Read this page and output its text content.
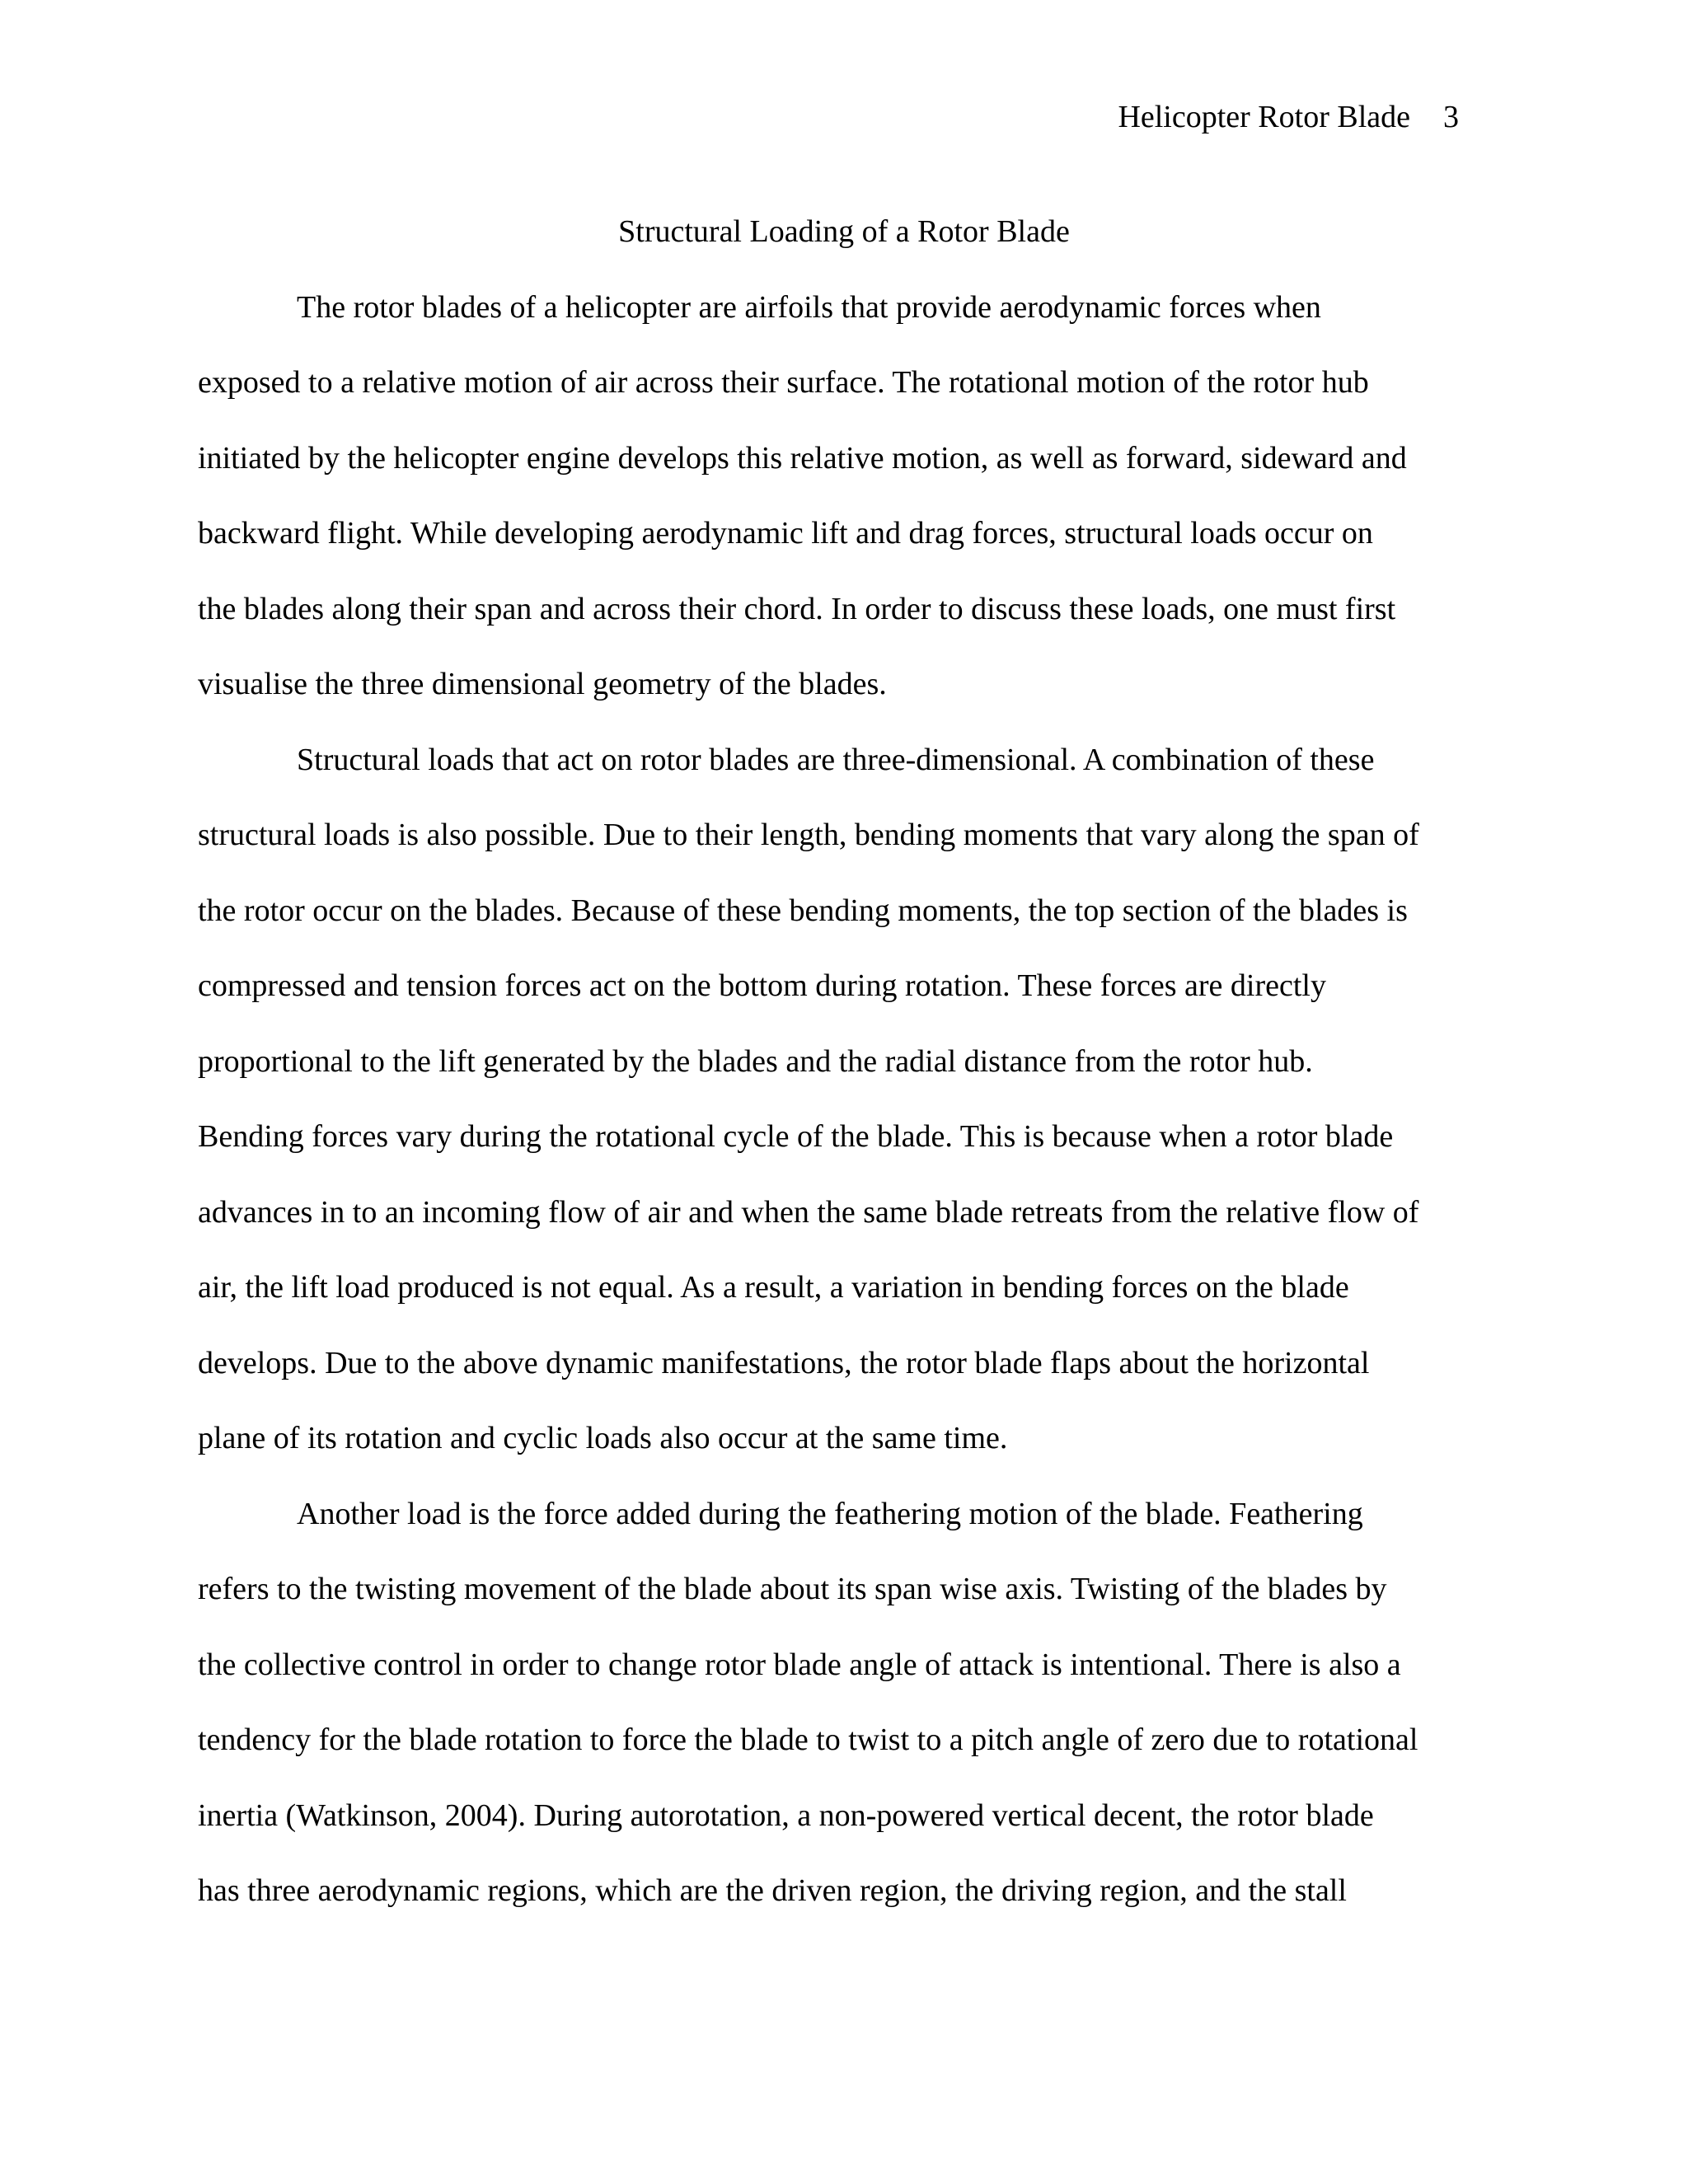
Helicopter Rotor Blade 3
Structural Loading of a Rotor Blade
The rotor blades of a helicopter are airfoils that provide aerodynamic forces when
exposed to a relative motion of air across their surface. The rotational motion of the rotor hub
initiated by the helicopter engine develops this relative motion, as well as forward, sideward and
backward flight. While developing aerodynamic lift and drag forces, structural loads occur on
the blades along their span and across their chord. In order to discuss these loads, one must first
visualise the three dimensional geometry of the blades.
Structural loads that act on rotor blades are three-dimensional. A combination of these
structural loads is also possible. Due to their length, bending moments that vary along the span of
the rotor occur on the blades. Because of these bending moments, the top section of the blades is
compressed and tension forces act on the bottom during rotation. These forces are directly
proportional to the lift generated by the blades and the radial distance from the rotor hub.
Bending forces vary during the rotational cycle of the blade. This is because when a rotor blade
advances in to an incoming flow of air and when the same blade retreats from the relative flow of
air, the lift load produced is not equal. As a result, a variation in bending forces on the blade
develops. Due to the above dynamic manifestations, the rotor blade flaps about the horizontal
plane of its rotation and cyclic loads also occur at the same time.
Another load is the force added during the feathering motion of the blade. Feathering
refers to the twisting movement of the blade about its span wise axis. Twisting of the blades by
the collective control in order to change rotor blade angle of attack is intentional. There is also a
tendency for the blade rotation to force the blade to twist to a pitch angle of zero due to rotational
inertia (Watkinson, 2004). During autorotation, a non-powered vertical decent, the rotor blade
has three aerodynamic regions, which are the driven region, the driving region, and the stall
